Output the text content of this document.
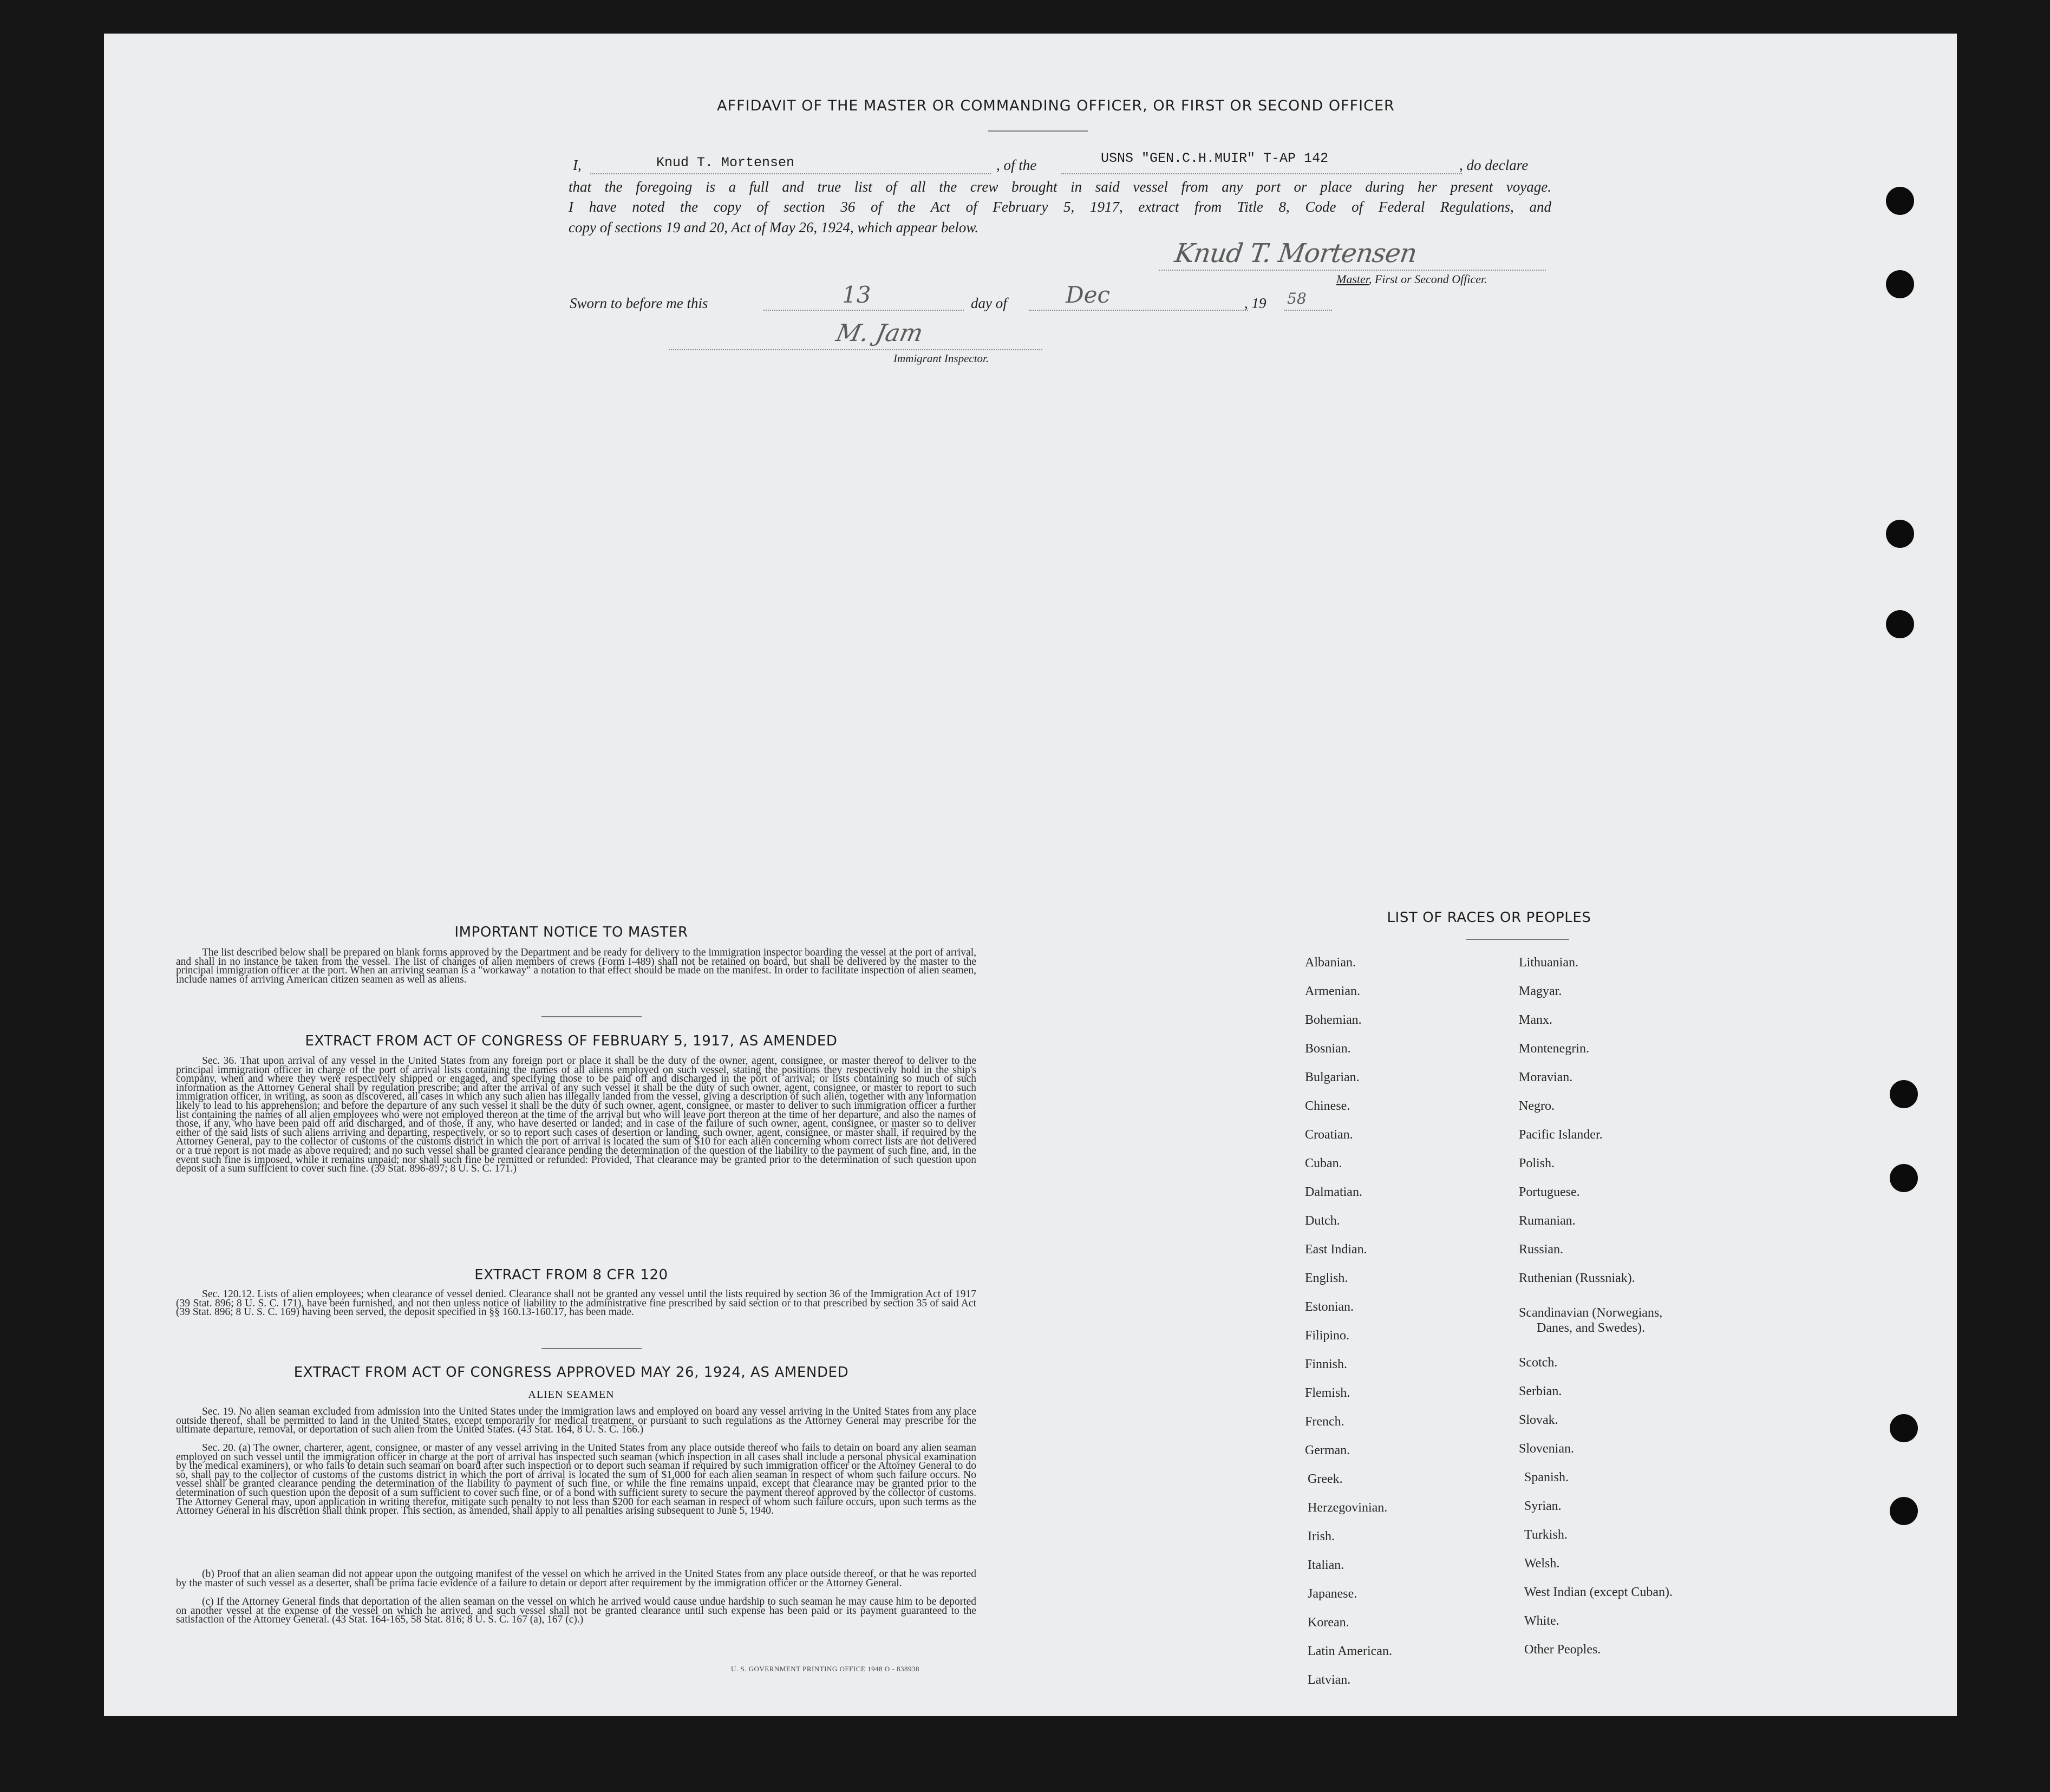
AFFIDAVIT OF THE MASTER OR COMMANDING OFFICER, OR FIRST OR SECOND OFFICER
I,	Knud T. Mortensen	, of the	USNS "GEN.C.H.MUIR" T-AP 142	, do declare
that the foregoing is a full and true list of all the crew brought in said vessel from any port or place during her present voyage.
I have noted the copy of section 36 of the Act of February 5, 1917, extract from Title 8, Code of Federal Regulations, and
copy of sections 19 and 20, Act of May 26, 1924, which appear below.
Knud T. Mortensen
Master, First or Second Officer.
Sworn to before me this	13	day of	Dec	, 19 58
M. Jam
Immigrant Inspector.
IMPORTANT NOTICE TO MASTER
The list described below shall be prepared on blank forms approved by the Department and be ready for delivery to the immigration inspector boarding the vessel at the port of arrival, and shall in no instance be taken from the vessel. The list of changes of alien members of crews (Form I-489) shall not be retained on board, but shall be delivered by the master to the principal immigration officer at the port. When an arriving seaman is a "workaway" a notation to that effect should be made on the manifest. In order to facilitate inspection of alien seamen, include names of arriving American citizen seamen as well as aliens.
EXTRACT FROM ACT OF CONGRESS OF FEBRUARY 5, 1917, AS AMENDED
Sec. 36. That upon arrival of any vessel in the United States from any foreign port or place it shall be the duty of the owner, agent, consignee, or master thereof to deliver to the principal immigration officer in charge of the port of arrival lists containing the names of all aliens employed on such vessel, stating the positions they respectively hold in the ship's company, when and where they were respectively shipped or engaged, and specifying those to be paid off and discharged in the port of arrival; or lists containing so much of such information as the Attorney General shall by regulation prescribe; and after the arrival of any such vessel it shall be the duty of such owner, agent, consignee, or master to report to such immigration officer, in writing, as soon as discovered, all cases in which any such alien has illegally landed from the vessel, giving a description of such alien, together with any information likely to lead to his apprehension; and before the departure of any such vessel it shall be the duty of such owner, agent, consignee, or master to deliver to such immigration officer a further list containing the names of all alien employees who were not employed thereon at the time of the arrival but who will leave port thereon at the time of her departure, and also the names of those, if any, who have been paid off and discharged, and of those, if any, who have deserted or landed; and in case of the failure of such owner, agent, consignee, or master so to deliver either of the said lists of such aliens arriving and departing, respectively, or so to report such cases of desertion or landing, such owner, agent, consignee, or master shall, if required by the Attorney General, pay to the collector of customs of the customs district in which the port of arrival is located the sum of $10 for each alien concerning whom correct lists are not delivered or a true report is not made as above required; and no such vessel shall be granted clearance pending the determination of the question of the liability to the payment of such fine, and, in the event such fine is imposed, while it remains unpaid; nor shall such fine be remitted or refunded: Provided, That clearance may be granted prior to the determination of such question upon deposit of a sum sufficient to cover such fine. (39 Stat. 896-897; 8 U. S. C. 171.)
EXTRACT FROM 8 CFR 120
Sec. 120.12. Lists of alien employees; when clearance of vessel denied. Clearance shall not be granted any vessel until the lists required by section 36 of the Immigration Act of 1917 (39 Stat. 896; 8 U. S. C. 171), have been furnished, and not then unless notice of liability to the administrative fine prescribed by said section or to that prescribed by section 35 of said Act (39 Stat. 896; 8 U. S. C. 169) having been served, the deposit specified in §§ 160.13-160.17, has been made.
EXTRACT FROM ACT OF CONGRESS APPROVED MAY 26, 1924, AS AMENDED
ALIEN SEAMEN
Sec. 19. No alien seaman excluded from admission into the United States under the immigration laws and employed on board any vessel arriving in the United States from any place outside thereof, shall be permitted to land in the United States, except temporarily for medical treatment, or pursuant to such regulations as the Attorney General may prescribe for the ultimate departure, removal, or deportation of such alien from the United States. (43 Stat. 164, 8 U. S. C. 166.)
Sec. 20. (a) The owner, charterer, agent, consignee, or master of any vessel arriving in the United States from any place outside thereof who fails to detain on board any alien seaman employed on such vessel until the immigration officer in charge at the port of arrival has inspected such seaman (which inspection in all cases shall include a personal physical examination by the medical examiners), or who fails to detain such seaman on board after such inspection or to deport such seaman if required by such immigration officer or the Attorney General to do so, shall pay to the collector of customs of the customs district in which the port of arrival is located the sum of $1,000 for each alien seaman in respect of whom such failure occurs. No vessel shall be granted clearance pending the determination of the liability to payment of such fine, or while the fine remains unpaid, except that clearance may be granted prior to the determination of such question upon the deposit of a sum sufficient to cover such fine, or of a bond with sufficient surety to secure the payment thereof approved by the collector of customs. The Attorney General may, upon application in writing therefor, mitigate such penalty to not less than $200 for each seaman in respect of whom such failure occurs, upon such terms as the Attorney General in his discretion shall think proper. This section, as amended, shall apply to all penalties arising subsequent to June 5, 1940.
(b) Proof that an alien seaman did not appear upon the outgoing manifest of the vessel on which he arrived in the United States from any place outside thereof, or that he was reported by the master of such vessel as a deserter, shall be prima facie evidence of a failure to detain or deport after requirement by the immigration officer or the Attorney General.
(c) If the Attorney General finds that deportation of the alien seaman on the vessel on which he arrived would cause undue hardship to such seaman he may cause him to be deported on another vessel at the expense of the vessel on which he arrived, and such vessel shall not be granted clearance until such expense has been paid or its payment guaranteed to the satisfaction of the Attorney General. (43 Stat. 164-165, 58 Stat. 816; 8 U. S. C. 167 (a), 167 (c).)
U. S. GOVERNMENT PRINTING OFFICE 1948 O - 838938
LIST OF RACES OR PEOPLES
Albanian.
Armenian.
Bohemian.
Bosnian.
Bulgarian.
Chinese.
Croatian.
Cuban.
Dalmatian.
Dutch.
East Indian.
English.
Estonian.
Filipino.
Finnish.
Flemish.
French.
German.
Greek.
Herzegovinian.
Irish.
Italian.
Japanese.
Korean.
Latin American.
Latvian.
Lithuanian.
Magyar.
Manx.
Montenegrin.
Moravian.
Negro.
Pacific Islander.
Polish.
Portuguese.
Rumanian.
Russian.
Ruthenian (Russniak).
Scandinavian (Norwegians,
Danes, and Swedes).
Scotch.
Serbian.
Slovak.
Slovenian.
Spanish.
Syrian.
Turkish.
Welsh.
West Indian (except Cuban).
White.
Other Peoples.
